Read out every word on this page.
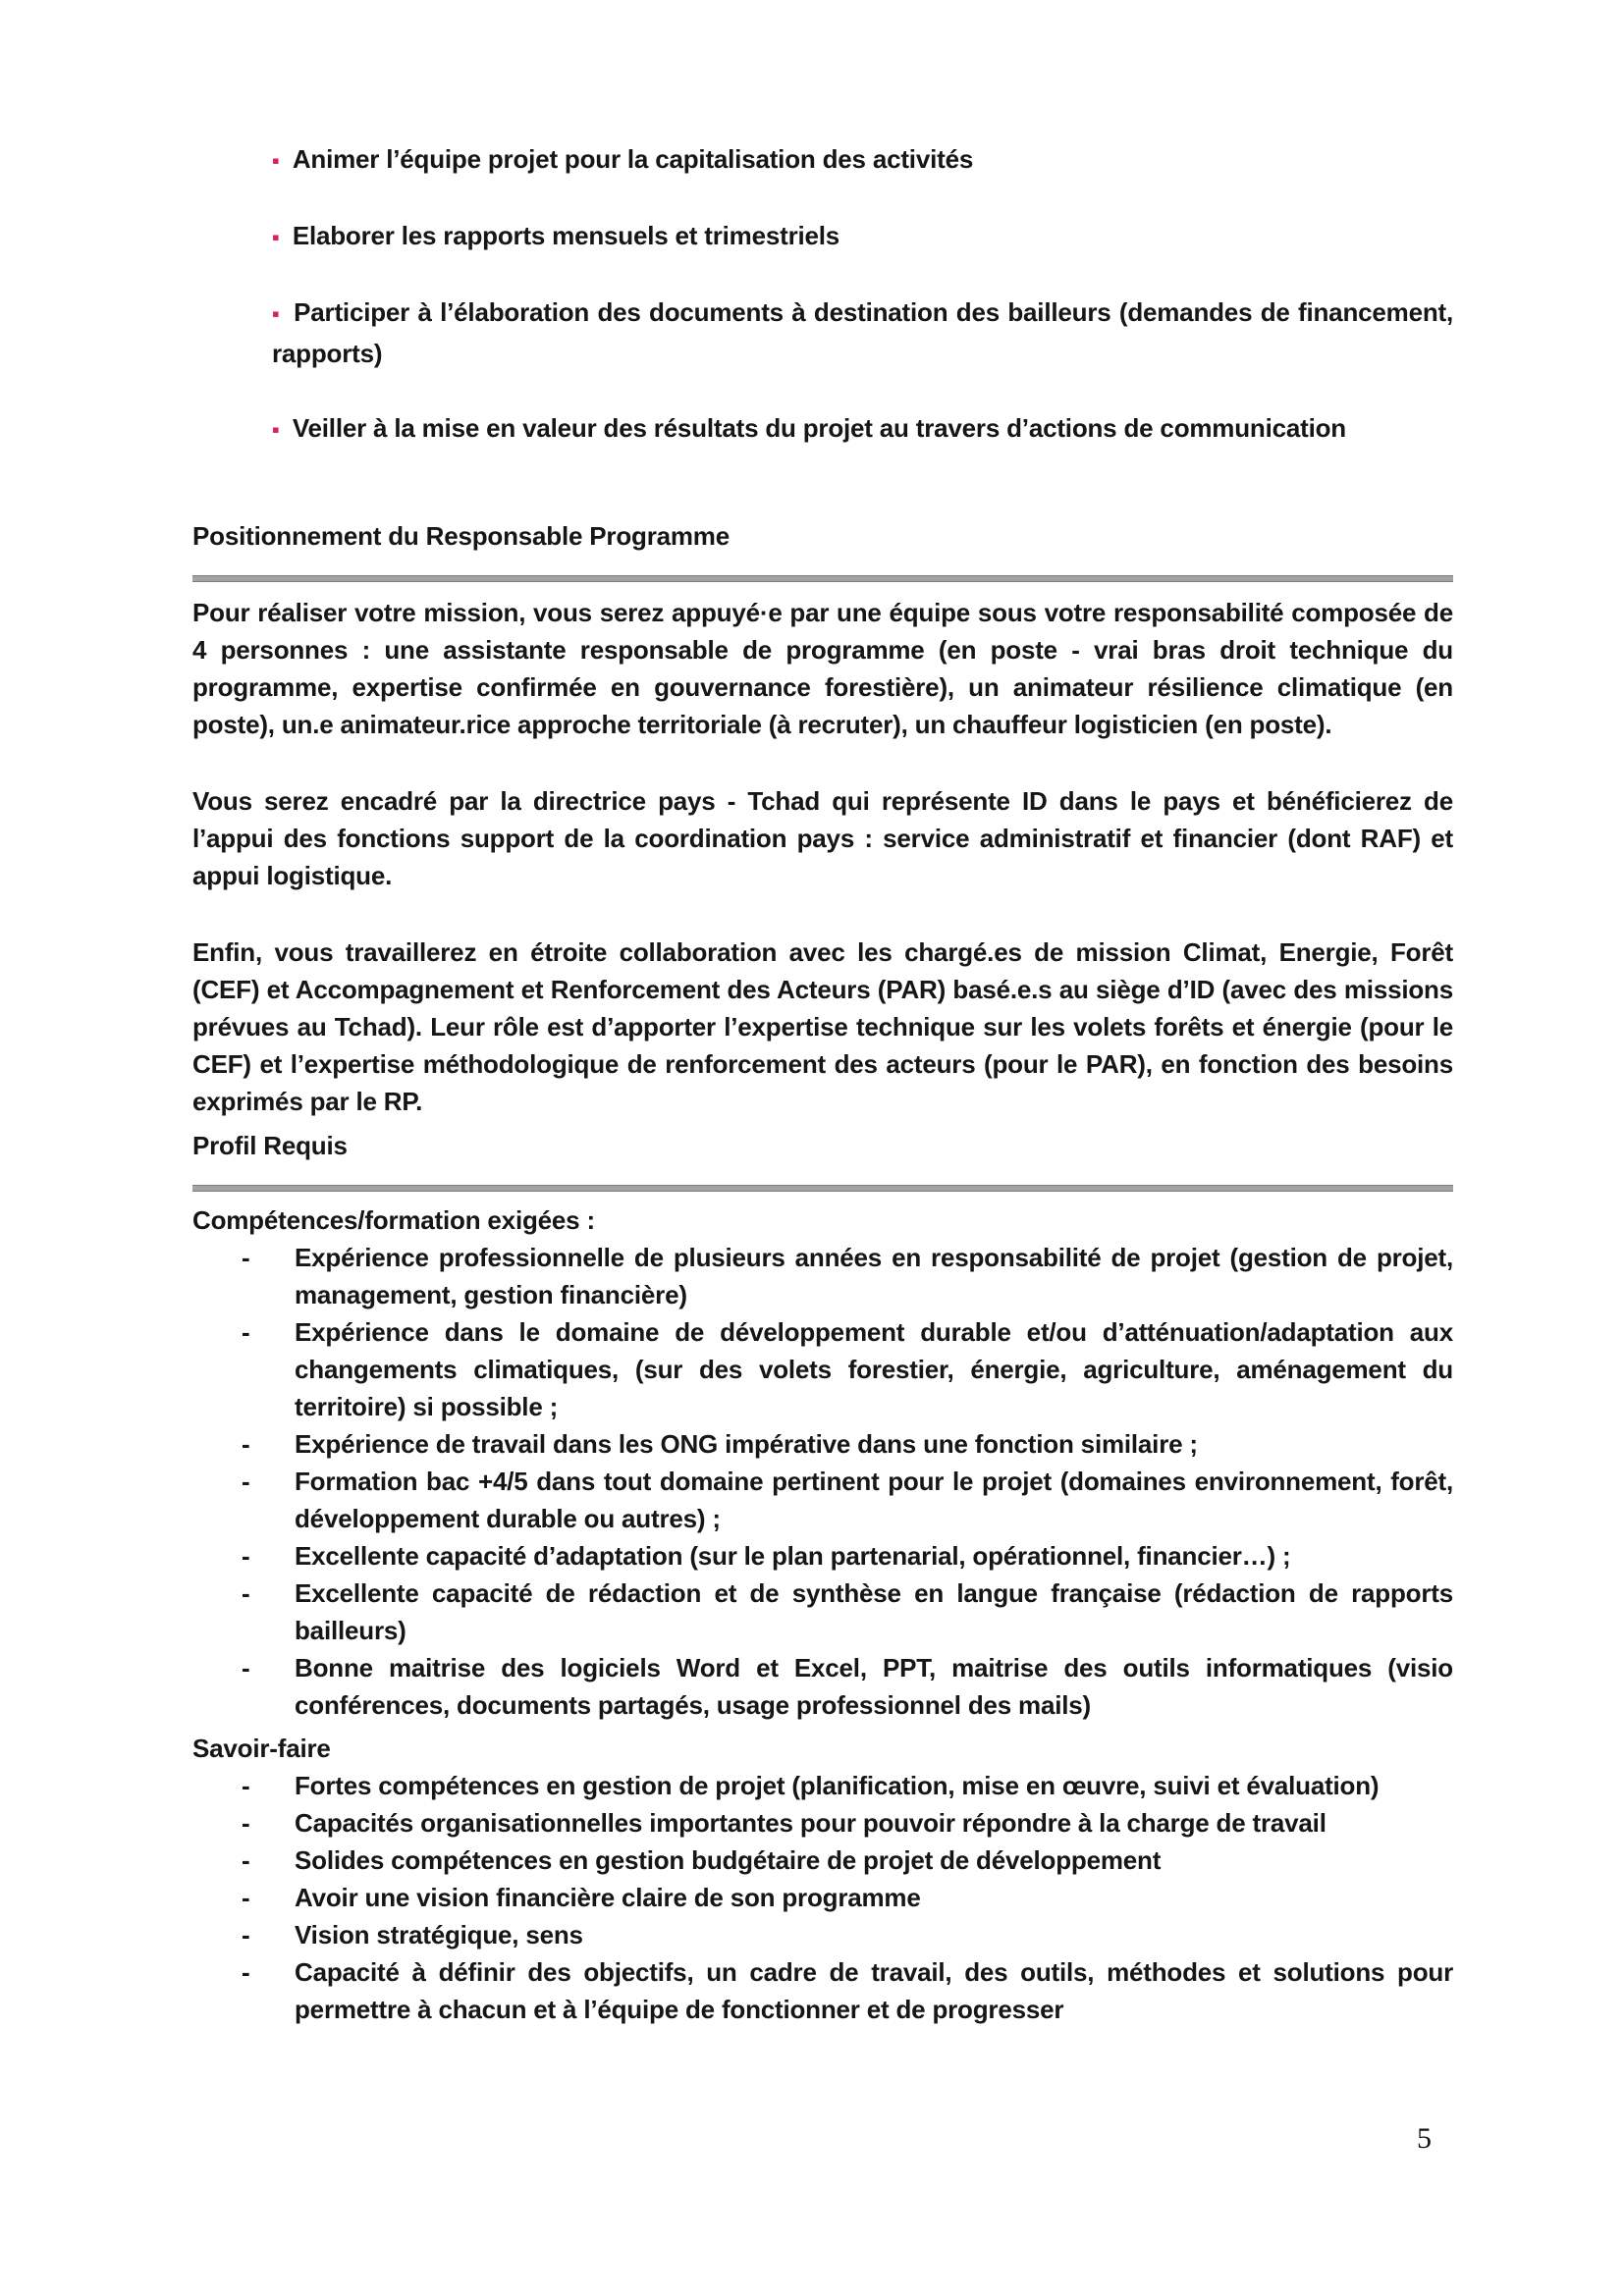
▪ Animer l’équipe projet pour la capitalisation des activités
▪ Elaborer les rapports mensuels et trimestriels
▪ Participer à l’élaboration des documents à destination des bailleurs (demandes de financement, rapports)
▪ Veiller à la mise en valeur des résultats du projet au travers d’actions de communication
Positionnement du Responsable Programme

Pour réaliser votre mission, vous serez appuyé·e par une équipe sous votre responsabilité composée de 4 personnes : une assistante responsable de programme (en poste - vrai bras droit technique du programme, expertise confirmée en gouvernance forestière), un animateur résilience climatique (en poste), un.e animateur.rice approche territoriale (à recruter), un chauffeur logisticien (en poste).

Vous serez encadré par la directrice pays - Tchad qui représente ID dans le pays et bénéficierez de l’appui des fonctions support de la coordination pays : service administratif et financier (dont RAF) et appui logistique.

Enfin, vous travaillerez en étroite collaboration avec les chargé.es de mission Climat, Energie, Forêt (CEF) et Accompagnement et Renforcement des Acteurs (PAR) basé.e.s au siège d’ID (avec des missions prévues au Tchad). Leur rôle est d’apporter l’expertise technique sur les volets forêts et énergie (pour le CEF) et l’expertise méthodologique de renforcement des acteurs (pour le PAR), en fonction des besoins exprimés par le RP.

Profil Requis
Compétences/formation exigées :
- Expérience professionnelle de plusieurs années en responsabilité de projet (gestion de projet, management, gestion financière)
- Expérience dans le domaine de développement durable et/ou d’atténuation/adaptation aux changements climatiques, (sur des volets forestier, énergie, agriculture, aménagement du territoire) si possible ;
- Expérience de travail dans les ONG impérative dans une fonction similaire ;
- Formation bac +4/5 dans tout domaine pertinent pour le projet (domaines environnement, forêt, développement durable ou autres) ;
- Excellente capacité d’adaptation (sur le plan partenarial, opérationnel, financier…) ;
- Excellente capacité de rédaction et de synthèse en langue française (rédaction de rapports bailleurs)
- Bonne maitrise des logiciels Word et Excel, PPT, maitrise des outils informatiques (visio conférences, documents partagés, usage professionnel des mails)
Savoir-faire
- Fortes compétences en gestion de projet (planification, mise en œuvre, suivi et évaluation)
- Capacités organisationnelles importantes pour pouvoir répondre à la charge de travail
- Solides compétences en gestion budgétaire de projet de développement
- Avoir une vision financière claire de son programme
- Vision stratégique, sens
- Capacité à définir des objectifs, un cadre de travail, des outils, méthodes et solutions pour permettre à chacun et à l’équipe de fonctionner et de progresser
5
